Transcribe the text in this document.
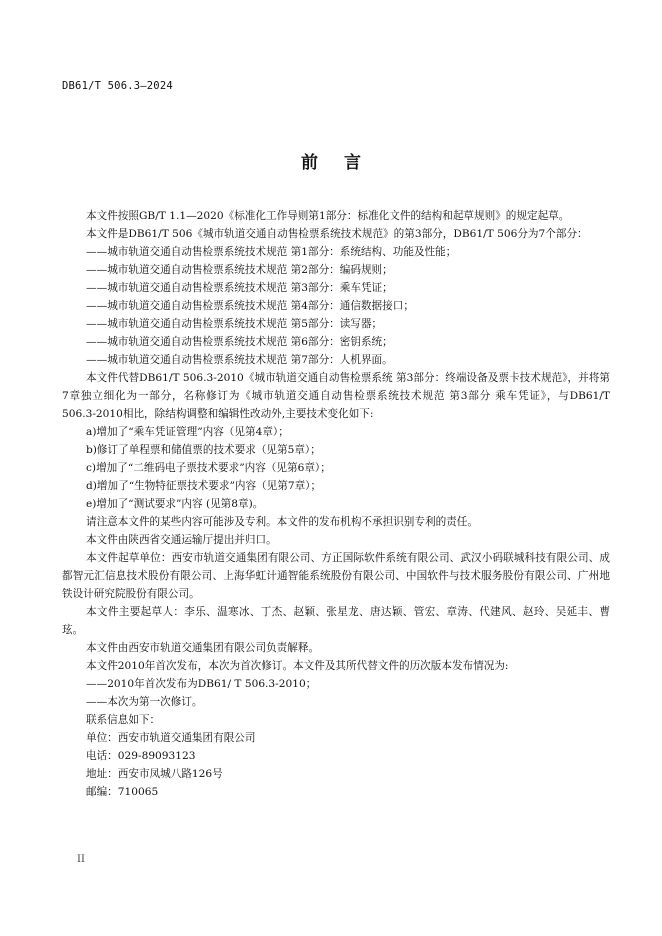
DB61/T 506.3—2024
前言

本文件按照GB/T 1.1—2020《标准化工作导则第1部分：标准化文件的结构和起草规则》的规定起草。

本文件是DB61/T 506《城市轨道交通自动售检票系统技术规范》的第3部分，DB61/T 506分为7个部分：

——城市轨道交通自动售检票系统技术规范 第1部分：系统结构、功能及性能；

——城市轨道交通自动售检票系统技术规范 第2部分：编码规则；

——城市轨道交通自动售检票系统技术规范 第3部分：乘车凭证；

——城市轨道交通自动售检票系统技术规范 第4部分：通信数据接口；

——城市轨道交通自动售检票系统技术规范 第5部分：读写器；

——城市轨道交通自动售检票系统技术规范 第6部分：密钥系统；

——城市轨道交通自动售检票系统技术规范 第7部分：人机界面。

本文件代替DB61/T 506.3-2010《城市轨道交通自动售检票系统 第3部分：终端设备及票卡技术规范》，并将第7章独立细化为一部分，名称修订为《城市轨道交通自动售检票系统技术规范 第3部分 乘车凭证》，与DB61/T 506.3-2010相比，除结构调整和编辑性改动外,主要技术变化如下:

a)增加了“乘车凭证管理”内容（见第4章）；

b)修订了单程票和储值票的技术要求（见第5章）；

c)增加了“二维码电子票技术要求”内容（见第6章）；

d)增加了“生物特征票技术要求”内容（见第7章）；

e)增加了“测试要求”内容 (见第8章)。

请注意本文件的某些内容可能涉及专利。本文件的发布机构不承担识别专利的责任。

本文件由陕西省交通运输厅提出并归口。

本文件起草单位：西安市轨道交通集团有限公司、方正国际软件系统有限公司、武汉小码联城科技有限公司、成都智元汇信息技术股份有限公司、上海华虹计通智能系统股份有限公司、中国软件与技术服务股份有限公司、广州地铁设计研究院股份有限公司。

本文件主要起草人：李乐、温寒冰、丁杰、赵颖、张星龙、唐达颖、管宏、章涛、代建风、赵玲、吴延丰、曹玹。

本文件由西安市轨道交通集团有限公司负责解释。

本文件2010年首次发布，本次为首次修订。本文件及其所代替文件的历次版本发布情况为:

——2010年首次发布为DB61/ T 506.3-2010；

——本次为第一次修订。

联系信息如下：

单位：西安市轨道交通集团有限公司

电话：029-89093123

地址：西安市凤城八路126号

邮编：710065

II
